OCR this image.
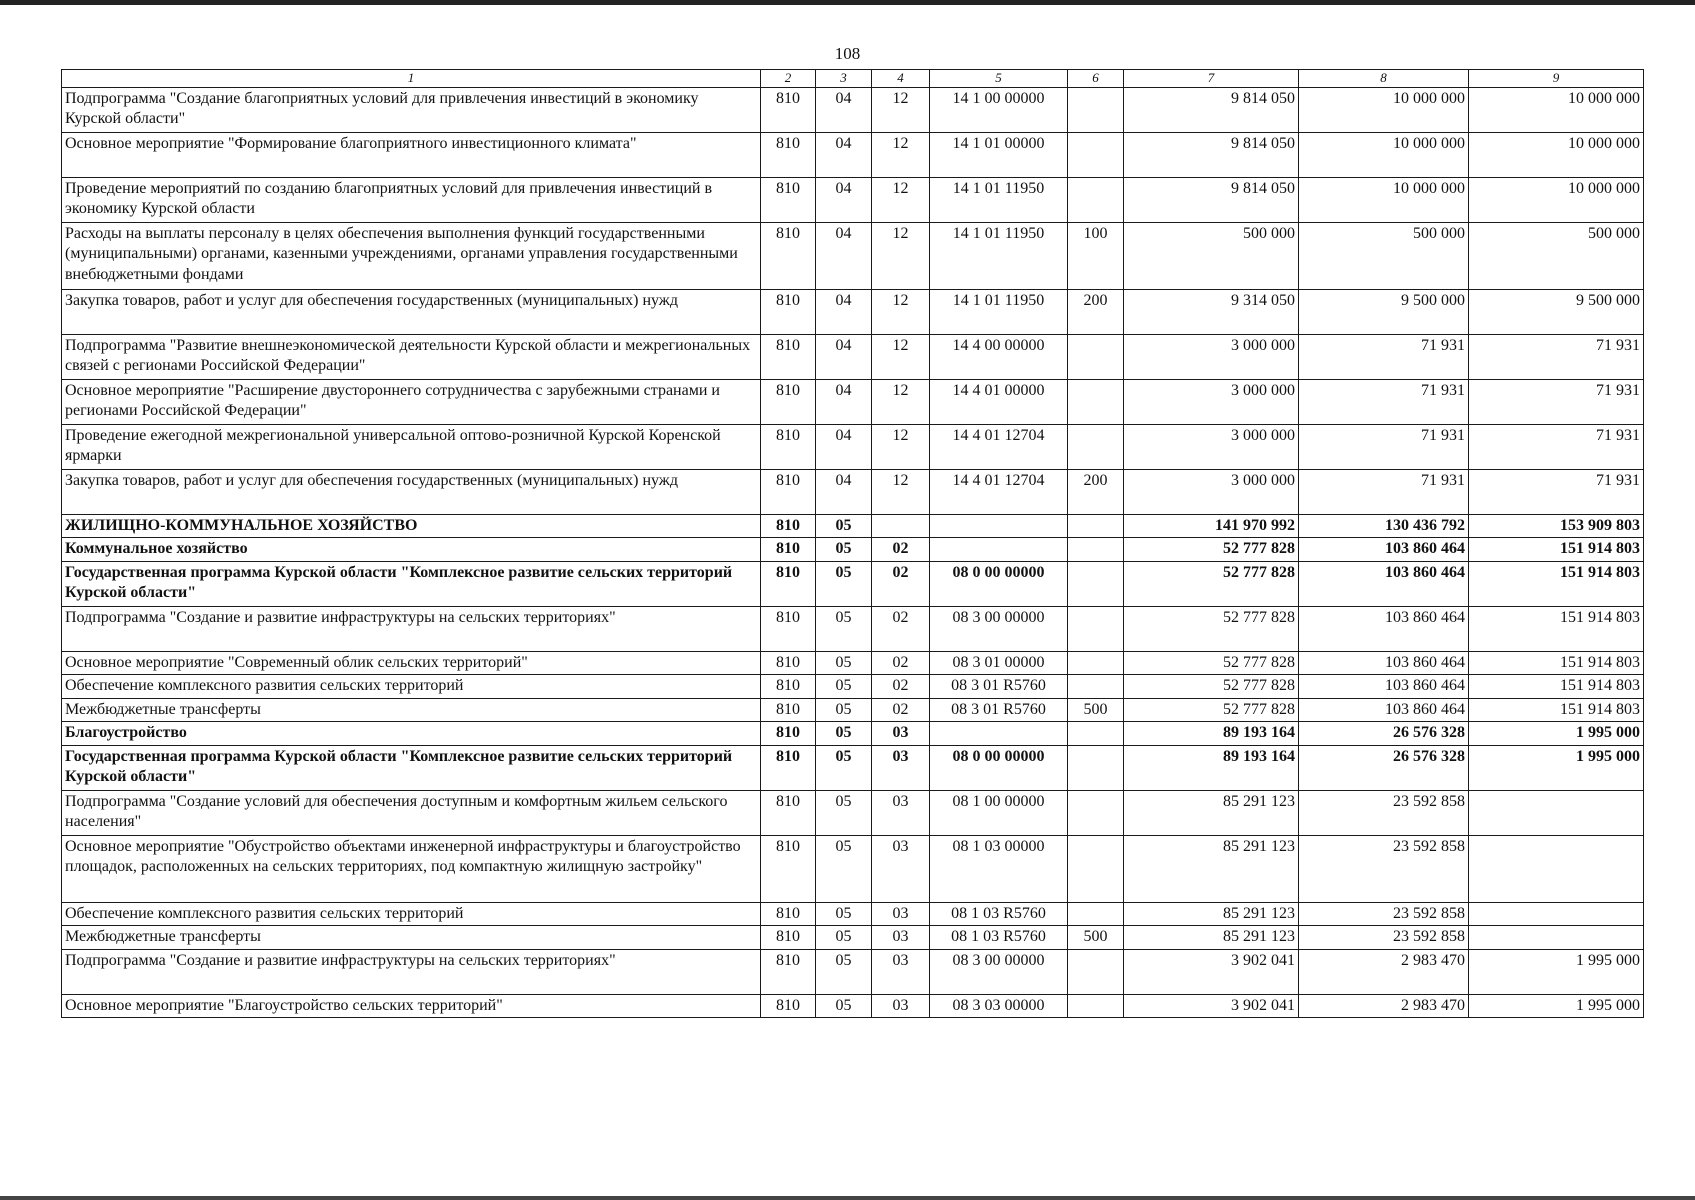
108
1	2	3	4	5	6	7	8	9
Подпрограмма "Создание благоприятных условий для привлечения инвестиций в экономику Курской области"	810	04	12	14 1 00 00000		9 814 050	10 000 000	10 000 000
Основное мероприятие "Формирование благоприятного инвестиционного климата"	810	04	12	14 1 01 00000		9 814 050	10 000 000	10 000 000
Проведение мероприятий по созданию благоприятных условий для привлечения инвестиций в экономику Курской области	810	04	12	14 1 01 11950		9 814 050	10 000 000	10 000 000
Расходы на выплаты персоналу в целях обеспечения выполнения функций государственными (муниципальными) органами, казенными учреждениями, органами управления государственными внебюджетными фондами	810	04	12	14 1 01 11950	100	500 000	500 000	500 000
Закупка товаров, работ и услуг для обеспечения государственных (муниципальных) нужд	810	04	12	14 1 01 11950	200	9 314 050	9 500 000	9 500 000
Подпрограмма "Развитие внешнеэкономической деятельности Курской области и межрегиональных связей с регионами Российской Федерации"	810	04	12	14 4 00 00000		3 000 000	71 931	71 931
Основное мероприятие "Расширение двустороннего сотрудничества с зарубежными странами и регионами Российской Федерации"	810	04	12	14 4 01 00000		3 000 000	71 931	71 931
Проведение ежегодной межрегиональной универсальной оптово-розничной Курской Коренской ярмарки	810	04	12	14 4 01 12704		3 000 000	71 931	71 931
Закупка товаров, работ и услуг для обеспечения государственных (муниципальных) нужд	810	04	12	14 4 01 12704	200	3 000 000	71 931	71 931
ЖИЛИЩНО-КОММУНАЛЬНОЕ ХОЗЯЙСТВО	810	05				141 970 992	130 436 792	153 909 803
Коммунальное хозяйство	810	05	02			52 777 828	103 860 464	151 914 803
Государственная программа Курской области "Комплексное развитие сельских территорий Курской области"	810	05	02	08 0 00 00000		52 777 828	103 860 464	151 914 803
Подпрограмма "Создание и развитие инфраструктуры на сельских территориях"	810	05	02	08 3 00 00000		52 777 828	103 860 464	151 914 803
Основное мероприятие "Современный облик сельских территорий"	810	05	02	08 3 01 00000		52 777 828	103 860 464	151 914 803
Обеспечение комплексного развития сельских территорий	810	05	02	08 3 01 R5760		52 777 828	103 860 464	151 914 803
Межбюджетные трансферты	810	05	02	08 3 01 R5760	500	52 777 828	103 860 464	151 914 803
Благоустройство	810	05	03			89 193 164	26 576 328	1 995 000
Государственная программа Курской области "Комплексное развитие сельских территорий Курской области"	810	05	03	08 0 00 00000		89 193 164	26 576 328	1 995 000
Подпрограмма "Создание условий для обеспечения доступным и комфортным жильем сельского населения"	810	05	03	08 1 00 00000		85 291 123	23 592 858	
Основное мероприятие "Обустройство объектами инженерной инфраструктуры и благоустройство площадок, расположенных на сельских территориях, под компактную жилищную застройку"	810	05	03	08 1 03 00000		85 291 123	23 592 858	
Обеспечение комплексного развития сельских территорий	810	05	03	08 1 03 R5760		85 291 123	23 592 858	
Межбюджетные трансферты	810	05	03	08 1 03 R5760	500	85 291 123	23 592 858	
Подпрограмма "Создание и развитие инфраструктуры на сельских территориях"	810	05	03	08 3 00 00000		3 902 041	2 983 470	1 995 000
Основное мероприятие "Благоустройство сельских территорий"	810	05	03	08 3 03 00000		3 902 041	2 983 470	1 995 000
